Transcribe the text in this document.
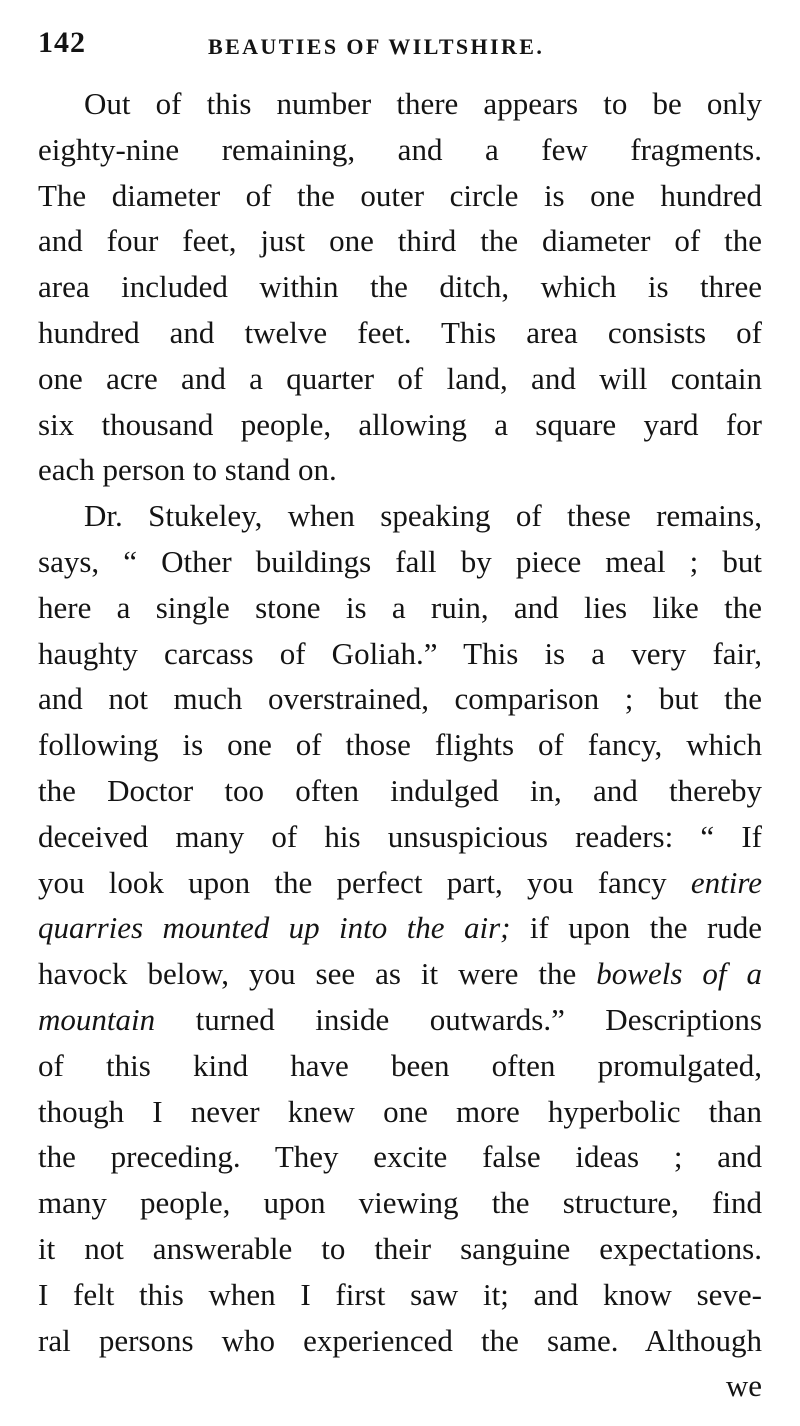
142	BEAUTIES OF WILTSHIRE.
Out of this number there appears to be only
eighty-nine remaining, and a few fragments.
The diameter of the outer circle is one hundred
and four feet, just one third the diameter of the
area included within the ditch, which is three
hundred and twelve feet. This area consists of
one acre and a quarter of land, and will contain
six thousand people, allowing a square yard for
each person to stand on.
Dr. Stukeley, when speaking of these remains,
says, “ Other buildings fall by piece meal ; but
here a single stone is a ruin, and lies like the
haughty carcass of Goliah.” This is a very fair,
and not much overstrained, comparison ; but the
following is one of those flights of fancy, which
the Doctor too often indulged in, and thereby
deceived many of his unsuspicious readers: “ If
you look upon the perfect part, you fancy entire
quarries mounted up into the air; if upon the rude
havock below, you see as it were the bowels of a
mountain turned inside outwards.” Descriptions
of this kind have been often promulgated,
though I never knew one more hyperbolic than
the preceding. They excite false ideas ; and
many people, upon viewing the structure, find
it not answerable to their sanguine expectations.
I felt this when I first saw it; and know seve-
ral persons who experienced the same. Although
we
